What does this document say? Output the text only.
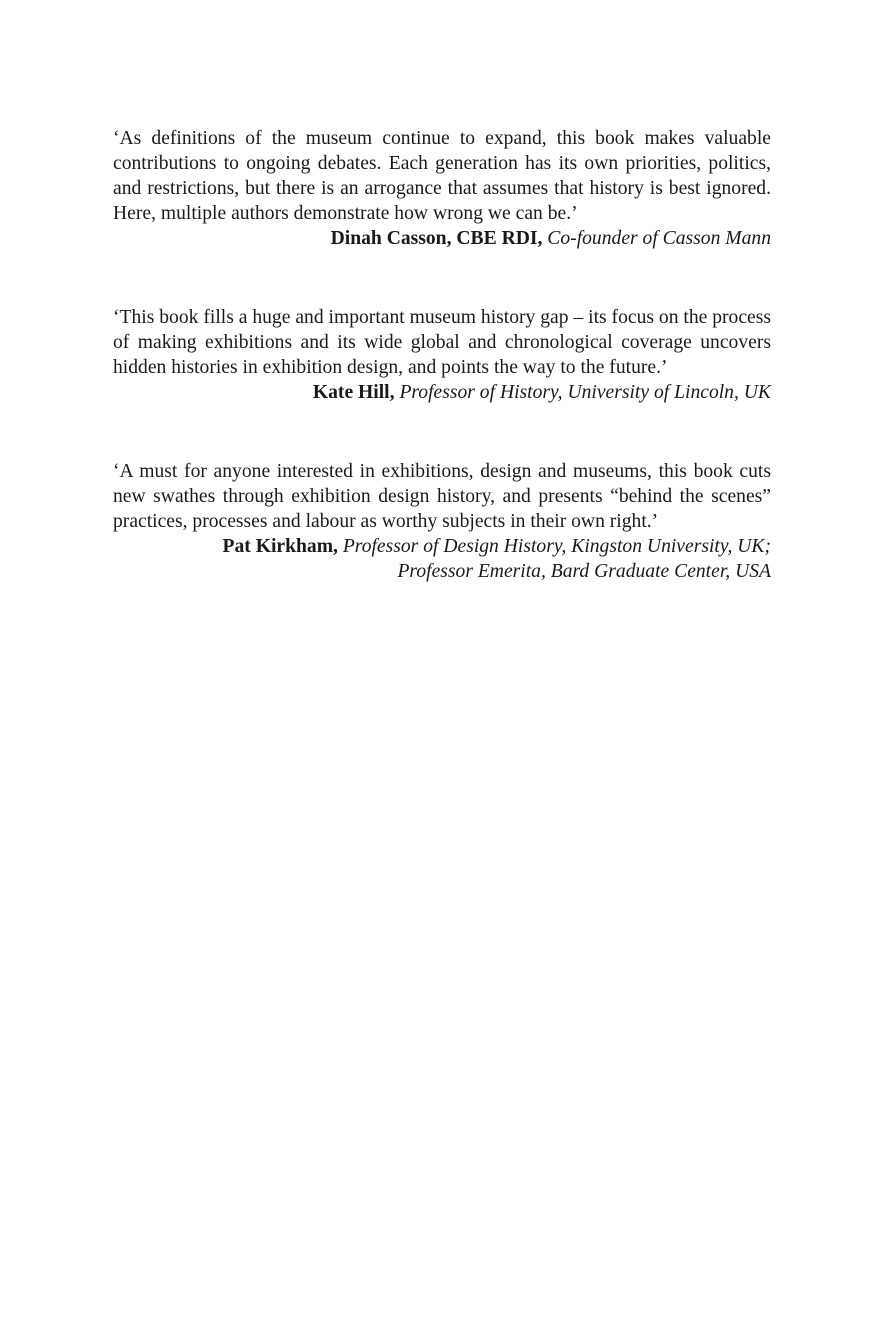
‘As definitions of the museum continue to expand, this book makes valuable contributions to ongoing debates. Each generation has its own priorities, politics, and restrictions, but there is an arrogance that assumes that history is best ignored. Here, multiple authors demonstrate how wrong we can be.’

Dinah Casson, CBE RDI, Co-founder of Casson Mann

‘This book fills a huge and important museum history gap – its focus on the process of making exhibitions and its wide global and chronological coverage uncovers hidden histories in exhibition design, and points the way to the future.’

Kate Hill, Professor of History, University of Lincoln, UK

‘A must for anyone interested in exhibitions, design and museums, this book cuts new swathes through exhibition design history, and presents “behind the scenes” practices, processes and labour as worthy subjects in their own right.’

Pat Kirkham, Professor of Design History, Kingston University, UK;

Professor Emerita, Bard Graduate Center, USA
